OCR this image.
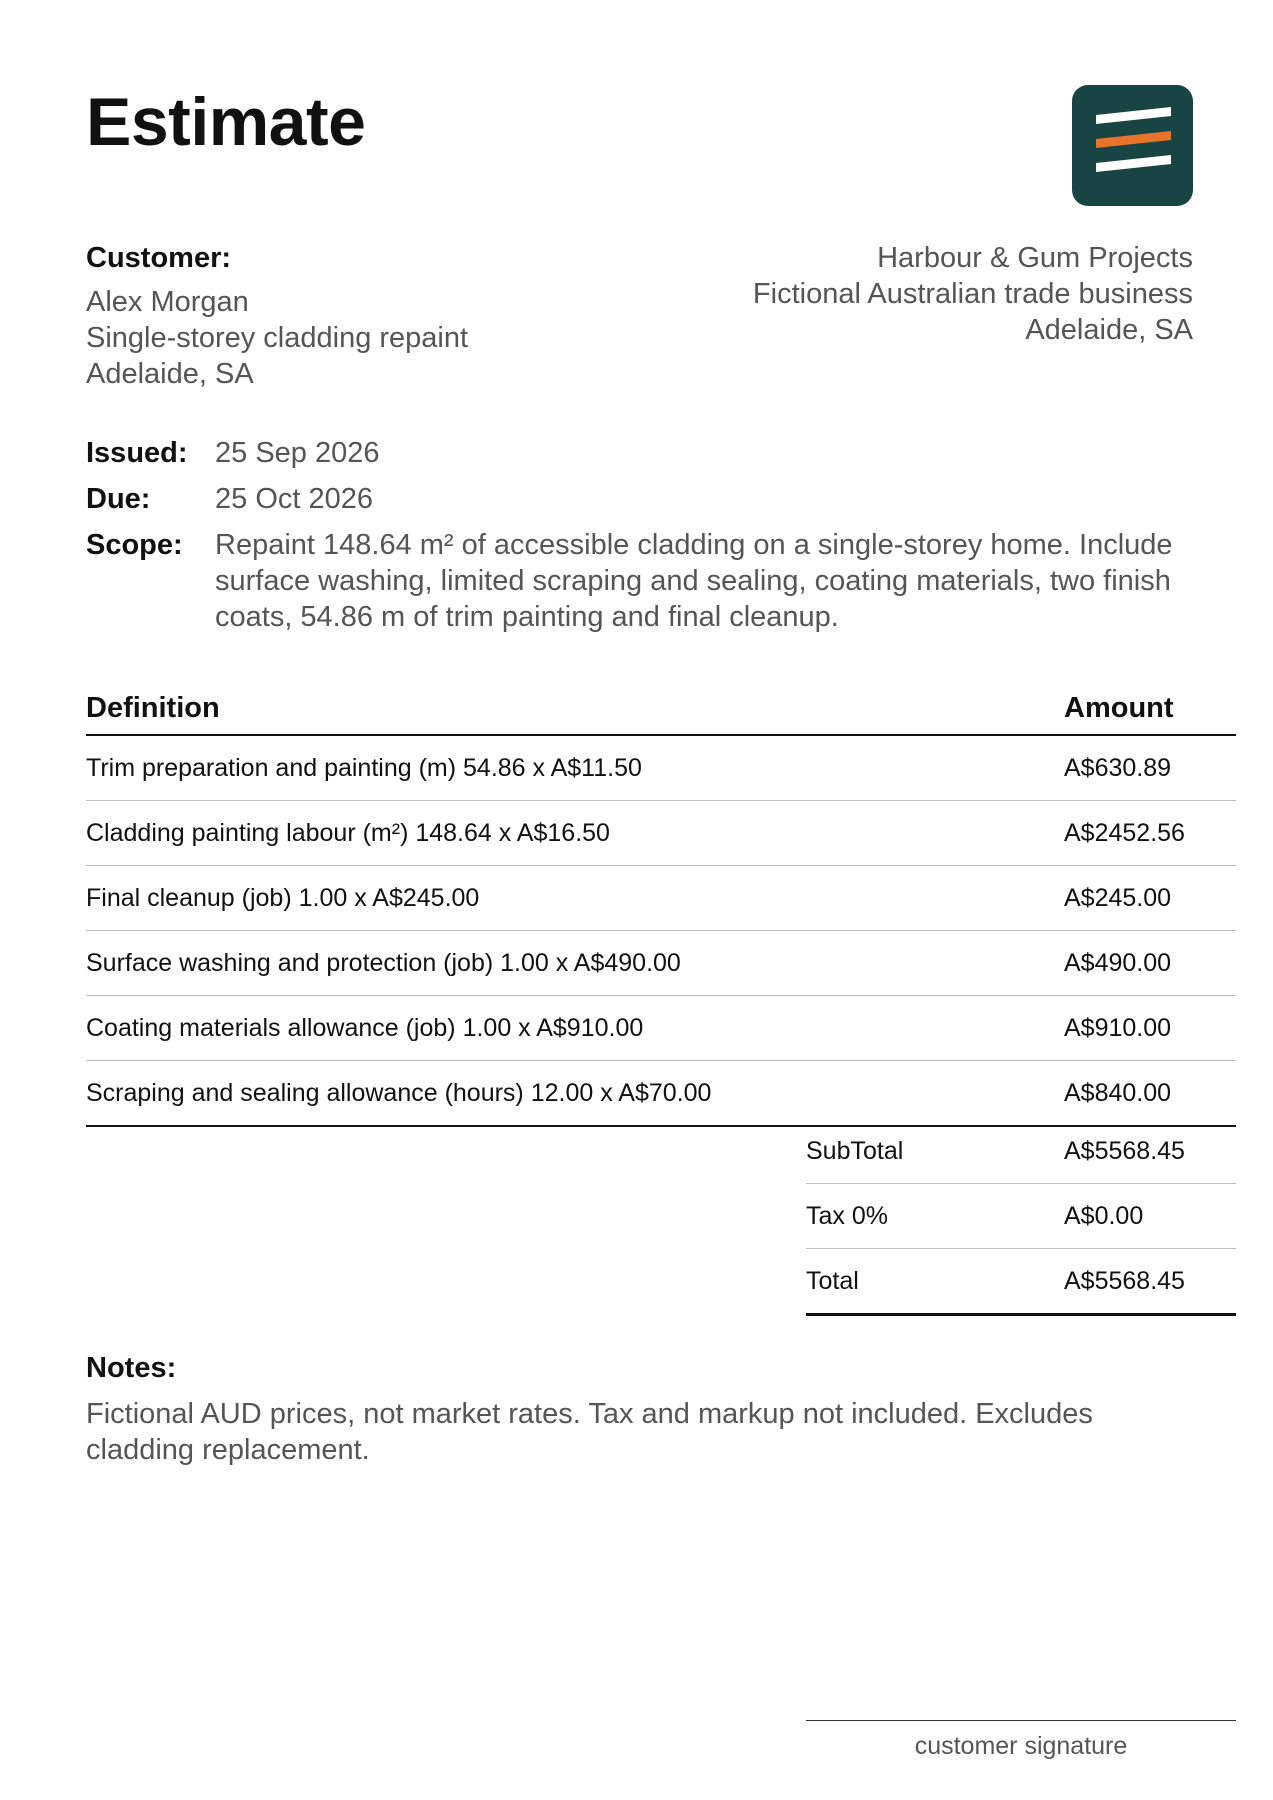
Estimate
Customer:
Alex Morgan
Single-storey cladding repaint
Adelaide, SA
Harbour & Gum Projects
Fictional Australian trade business
Adelaide, SA
Issued: 25 Sep 2026
Due:	25 Oct 2026
Scope:	Repaint 148.64 m² of accessible cladding on a single-storey home. Include surface washing, limited scraping and sealing, coating materials, two finish coats, 54.86 m of trim painting and final cleanup.
Definition	Amount
Trim preparation and painting (m) 54.86 x A$11.50	A$630.89
Cladding painting labour (m²) 148.64 x A$16.50	A$2452.56
Final cleanup (job) 1.00 x A$245.00	A$245.00
Surface washing and protection (job) 1.00 x A$490.00	A$490.00
Coating materials allowance (job) 1.00 x A$910.00	A$910.00
Scraping and sealing allowance (hours) 12.00 x A$70.00	A$840.00
SubTotal	A$5568.45
Tax 0%	A$0.00
Total	A$5568.45
Notes:
Fictional AUD prices, not market rates. Tax and markup not included. Excludes cladding replacement.
customer signature
